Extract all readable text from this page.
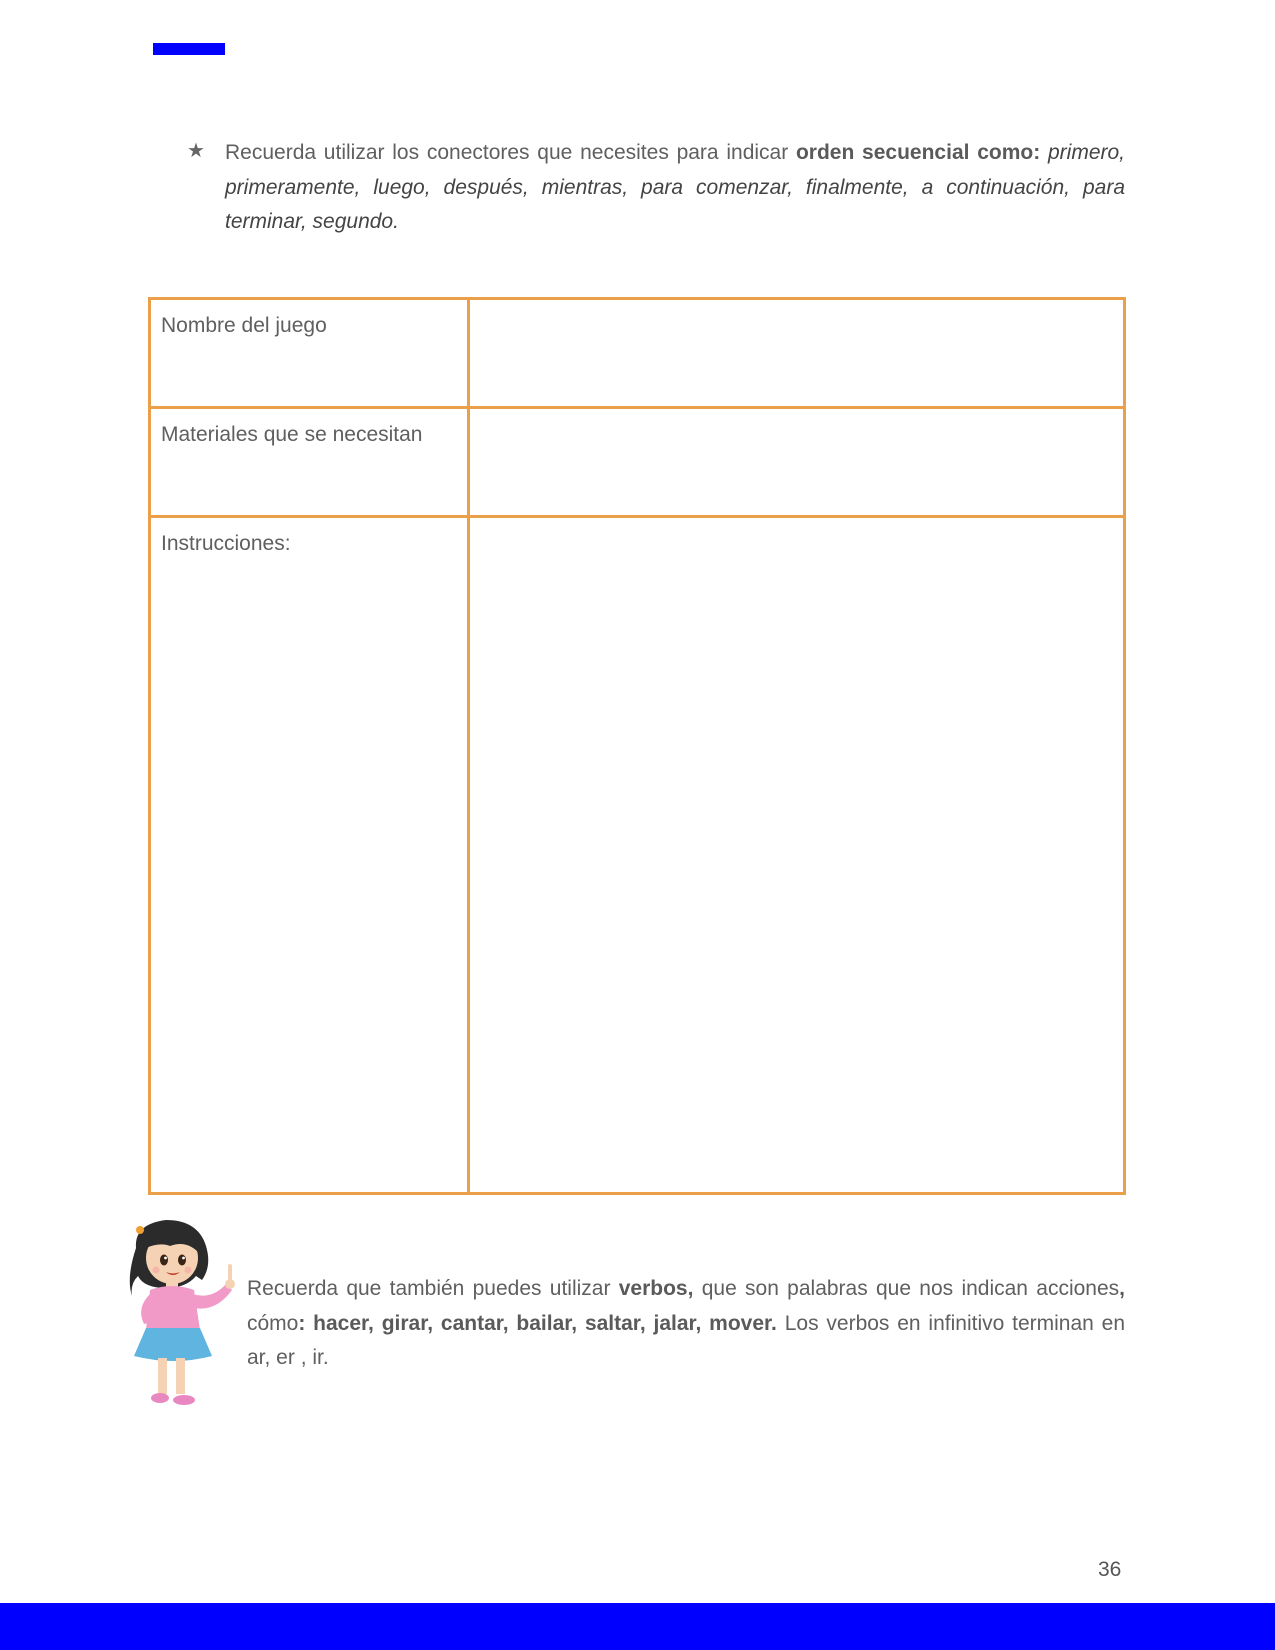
★ Recuerda utilizar los conectores que necesites para indicar orden secuencial como: primero, primeramente, luego, después, mientras, para comenzar, finalmente, a continuación, para terminar, segundo.
Nombre del juego	

Materiales que se necesitan	

Instrucciones:	

Recuerda que también puedes utilizar verbos, que son palabras que nos indican acciones, cómo: hacer, girar, cantar, bailar, saltar, jalar, mover. Los verbos en infinitivo terminan en ar, er , ir.
36
